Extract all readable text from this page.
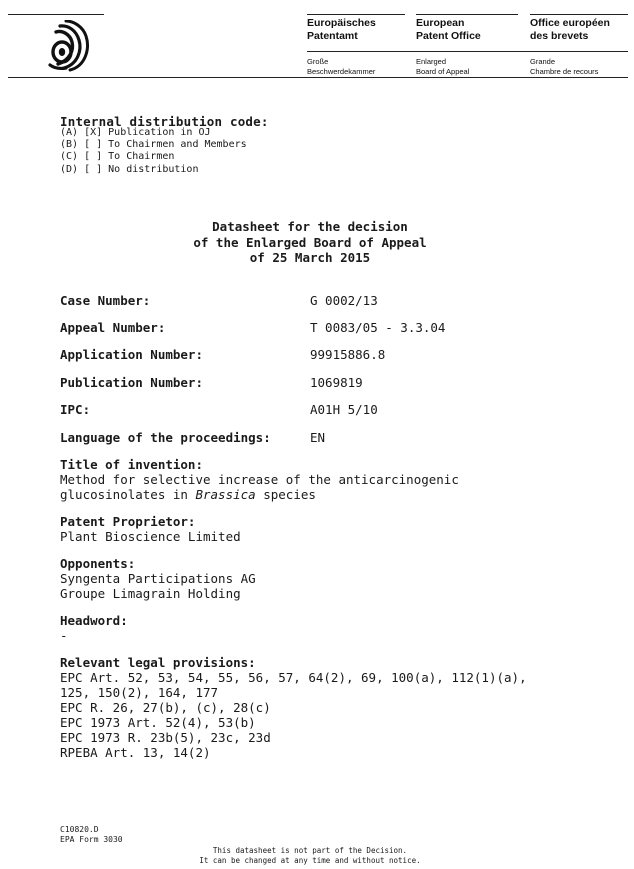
Europäisches
Patentamt
European
Patent Office
Office européen
des brevets
Große
Beschwerdekammer
Enlarged
Board of Appeal
Grande
Chambre de recours
Internal distribution code:
(A) [X] Publication in OJ
(B) [ ] To Chairmen and Members
(C) [ ] To Chairmen
(D) [ ] No distribution
Datasheet for the decision
of the Enlarged Board of Appeal
of 25 March 2015
Case Number:	G 0002/13
Appeal Number:	T 0083/05 - 3.3.04
Application Number:	99915886.8
Publication Number:	1069819
IPC:	A01H 5/10
Language of the proceedings:	EN
Title of invention:
Method for selective increase of the anticarcinogenic
glucosinolates in Brassica species
Patent Proprietor:
Plant Bioscience Limited
Opponents:
Syngenta Participations AG
Groupe Limagrain Holding
Headword:
-
Relevant legal provisions:
EPC Art. 52, 53, 54, 55, 56, 57, 64(2), 69, 100(a), 112(1)(a),
125, 150(2), 164, 177
EPC R. 26, 27(b), (c), 28(c)
EPC 1973 Art. 52(4), 53(b)
EPC 1973 R. 23b(5), 23c, 23d
RPEBA Art. 13, 14(2)
C10820.D
EPA Form 3030
This datasheet is not part of the Decision.
It can be changed at any time and without notice.
